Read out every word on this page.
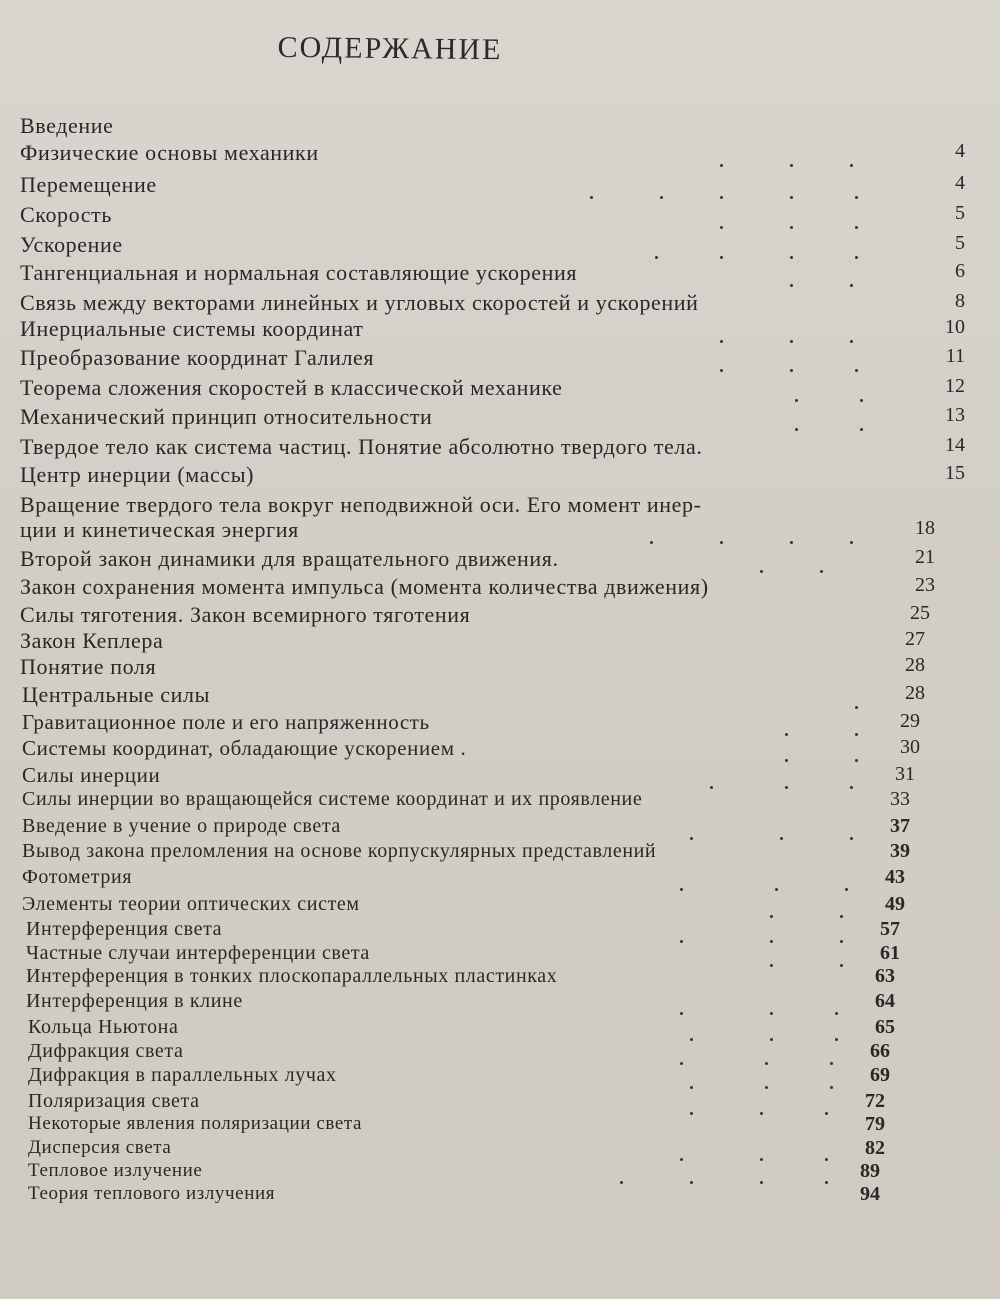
СОДЕРЖАНИЕ
Введение
Физические основы механики	4
Перемещение	4
Скорость	5
Ускорение	5
Тангенциальная и нормальная составляющие ускорения	6
Связь между векторами линейных и угловых скоростей и ускорений	8
Инерциальные системы координат	10
Преобразование координат Галилея	11
Теорема сложения скоростей в классической механике	12
Механический принцип относительности	13
Твердое тело как система частиц. Понятие абсолютно твердого тела.	14
Центр инерции (массы)	15
Вращение твердого тела вокруг неподвижной оси. Его момент инер-
ции и кинетическая энергия	18
Второй закон динамики для вращательного движения.	21
Закон сохранения момента импульса (момента количества движения)	23
Силы тяготения. Закон всемирного тяготения	25
Закон Кеплера	27
Понятие поля	28
Центральные силы	28
Гравитационное поле и его напряженность	29
Системы координат, обладающие ускорением .	30
Силы инерции	31
Силы инерции во вращающейся системе координат и их проявление	33
Введение в учение о природе света	37
Вывод закона преломления на основе корпускулярных представлений	39
Фотометрия	43
Элементы теории оптических систем	49
Интерференция света	57
Частные случаи интерференции света	61
Интерференция в тонких плоскопараллельных пластинках	63
Интерференция в клине	64
Кольца Ньютона	65
Дифракция света	66
Дифракция в параллельных лучах	69
Поляризация света	72
Некоторые явления поляризации света	79
Дисперсия света	82
Тепловое излучение	89
Теория теплового излучения	94
